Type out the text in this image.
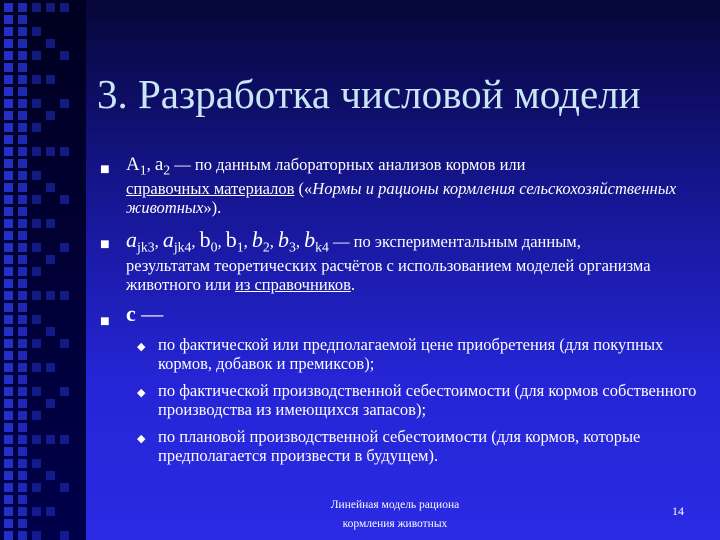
3. Разработка числовой модели
■ $A_1$, $a_2$ — по данным лабораторных анализов кормов или
справочных материалов («Нормы и рационы кормления сельскохозяйственных животных»).
■ $a_{jk3}$, $a_{jk4}$, $b_0$, $b_1$, $b_2$, $b_3$, $b_{k4}$ — по экспериментальным данным,
результатам теоретических расчётов с использованием моделей организма животного или из справочников.
■ с —
◆ по фактической или предполагаемой цене приобретения (для покупных кормов, добавок и премиксов);
◆ по фактической производственной себестоимости (для кормов собственного производства из имеющихся запасов);
◆ по плановой производственной себестоимости (для кормов, которые предполагается произвести в будущем).
Линейная модель рациона кормления животных
14
